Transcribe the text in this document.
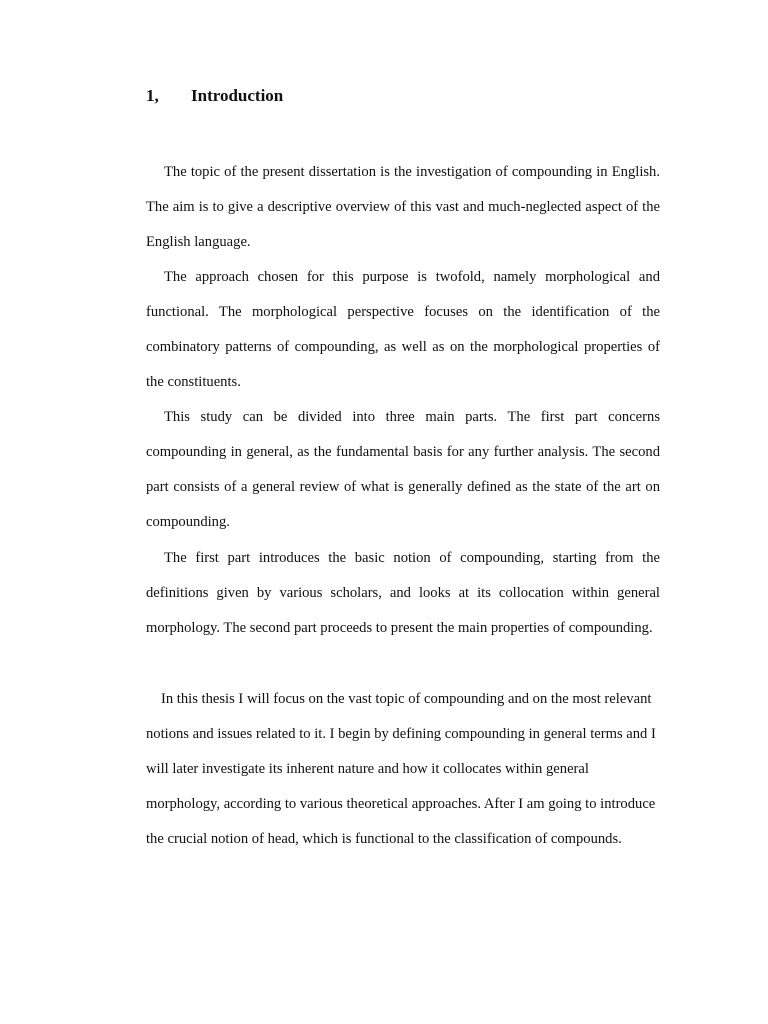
1, Introduction

The topic of the present dissertation is the investigation of compounding in English. The aim is to give a descriptive overview of this vast and much-neglected aspect of the English language.

The approach chosen for this purpose is twofold, namely morphological and functional. The morphological perspective focuses on the identification of the combinatory patterns of compounding, as well as on the morphological properties of the constituents.

This study can be divided into three main parts. The first part concerns compounding in general, as the fundamental basis for any further analysis. The second part consists of a general review of what is generally defined as the state of the art on compounding.

The first part introduces the basic notion of compounding, starting from the definitions given by various scholars, and looks at its collocation within general morphology. The second part proceeds to present the main properties of compounding.

In this thesis I will focus on the vast topic of compounding and on the most relevant notions and issues related to it. I begin by defining compounding in general terms and I will later investigate its inherent nature and how it collocates within general morphology, according to various theoretical approaches. After I am going to introduce the crucial notion of head, which is functional to the classification of compounds.
